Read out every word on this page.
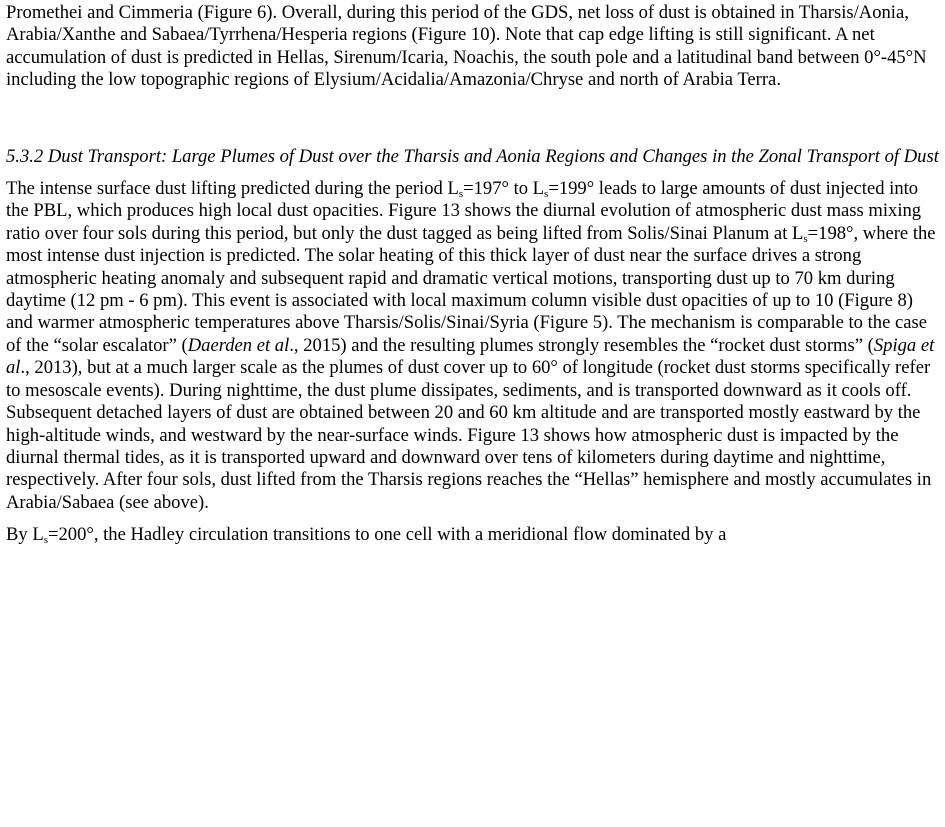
Promethei and Cimmeria (Figure 6). Overall, during this period of the GDS, net loss of dust is obtained in Tharsis/Aonia, Arabia/Xanthe and Sabaea/Tyrrhena/Hesperia regions (Figure 10). Note that cap edge lifting is still significant. A net accumulation of dust is predicted in Hellas, Sirenum/Icaria, Noachis, the south pole and a latitudinal band between 0°-45°N including the low topographic regions of Elysium/Acidalia/Amazonia/Chryse and north of Arabia Terra.

5.3.2 Dust Transport: Large Plumes of Dust over the Tharsis and Aonia Regions and Changes in the Zonal Transport of Dust

The intense surface dust lifting predicted during the period $L_s=197^\circ$ to $L_s=199^\circ$ leads to large amounts of dust injected into the PBL, which produces high local dust opacities. Figure 13 shows the diurnal evolution of atmospheric dust mass mixing ratio over four sols during this period, but only the dust tagged as being lifted from Solis/Sinai Planum at $L_s=198^\circ$, where the most intense dust injection is predicted. The solar heating of this thick layer of dust near the surface drives a strong atmospheric heating anomaly and subsequent rapid and dramatic vertical motions, transporting dust up to 70 km during daytime (12 pm - 6 pm). This event is associated with local maximum column visible dust opacities of up to 10 (Figure 8) and warmer atmospheric temperatures above Tharsis/Solis/Sinai/Syria (Figure 5). The mechanism is comparable to the case of the “solar escalator” (Daerden et al., 2015) and the resulting plumes strongly resembles the “rocket dust storms” (Spiga et al., 2013), but at a much larger scale as the plumes of dust cover up to 60° of longitude (rocket dust storms specifically refer to mesoscale events). During nighttime, the dust plume dissipates, sediments, and is transported downward as it cools off. Subsequent detached layers of dust are obtained between 20 and 60 km altitude and are transported mostly eastward by the high-altitude winds, and westward by the near-surface winds. Figure 13 shows how atmospheric dust is impacted by the diurnal thermal tides, as it is transported upward and downward over tens of kilometers during daytime and nighttime, respectively. After four sols, dust lifted from the Tharsis regions reaches the “Hellas” hemisphere and mostly accumulates in Arabia/Sabaea (see above).

By $L_s=200^\circ$, the Hadley circulation transitions to one cell with a meridional flow dominated by a
